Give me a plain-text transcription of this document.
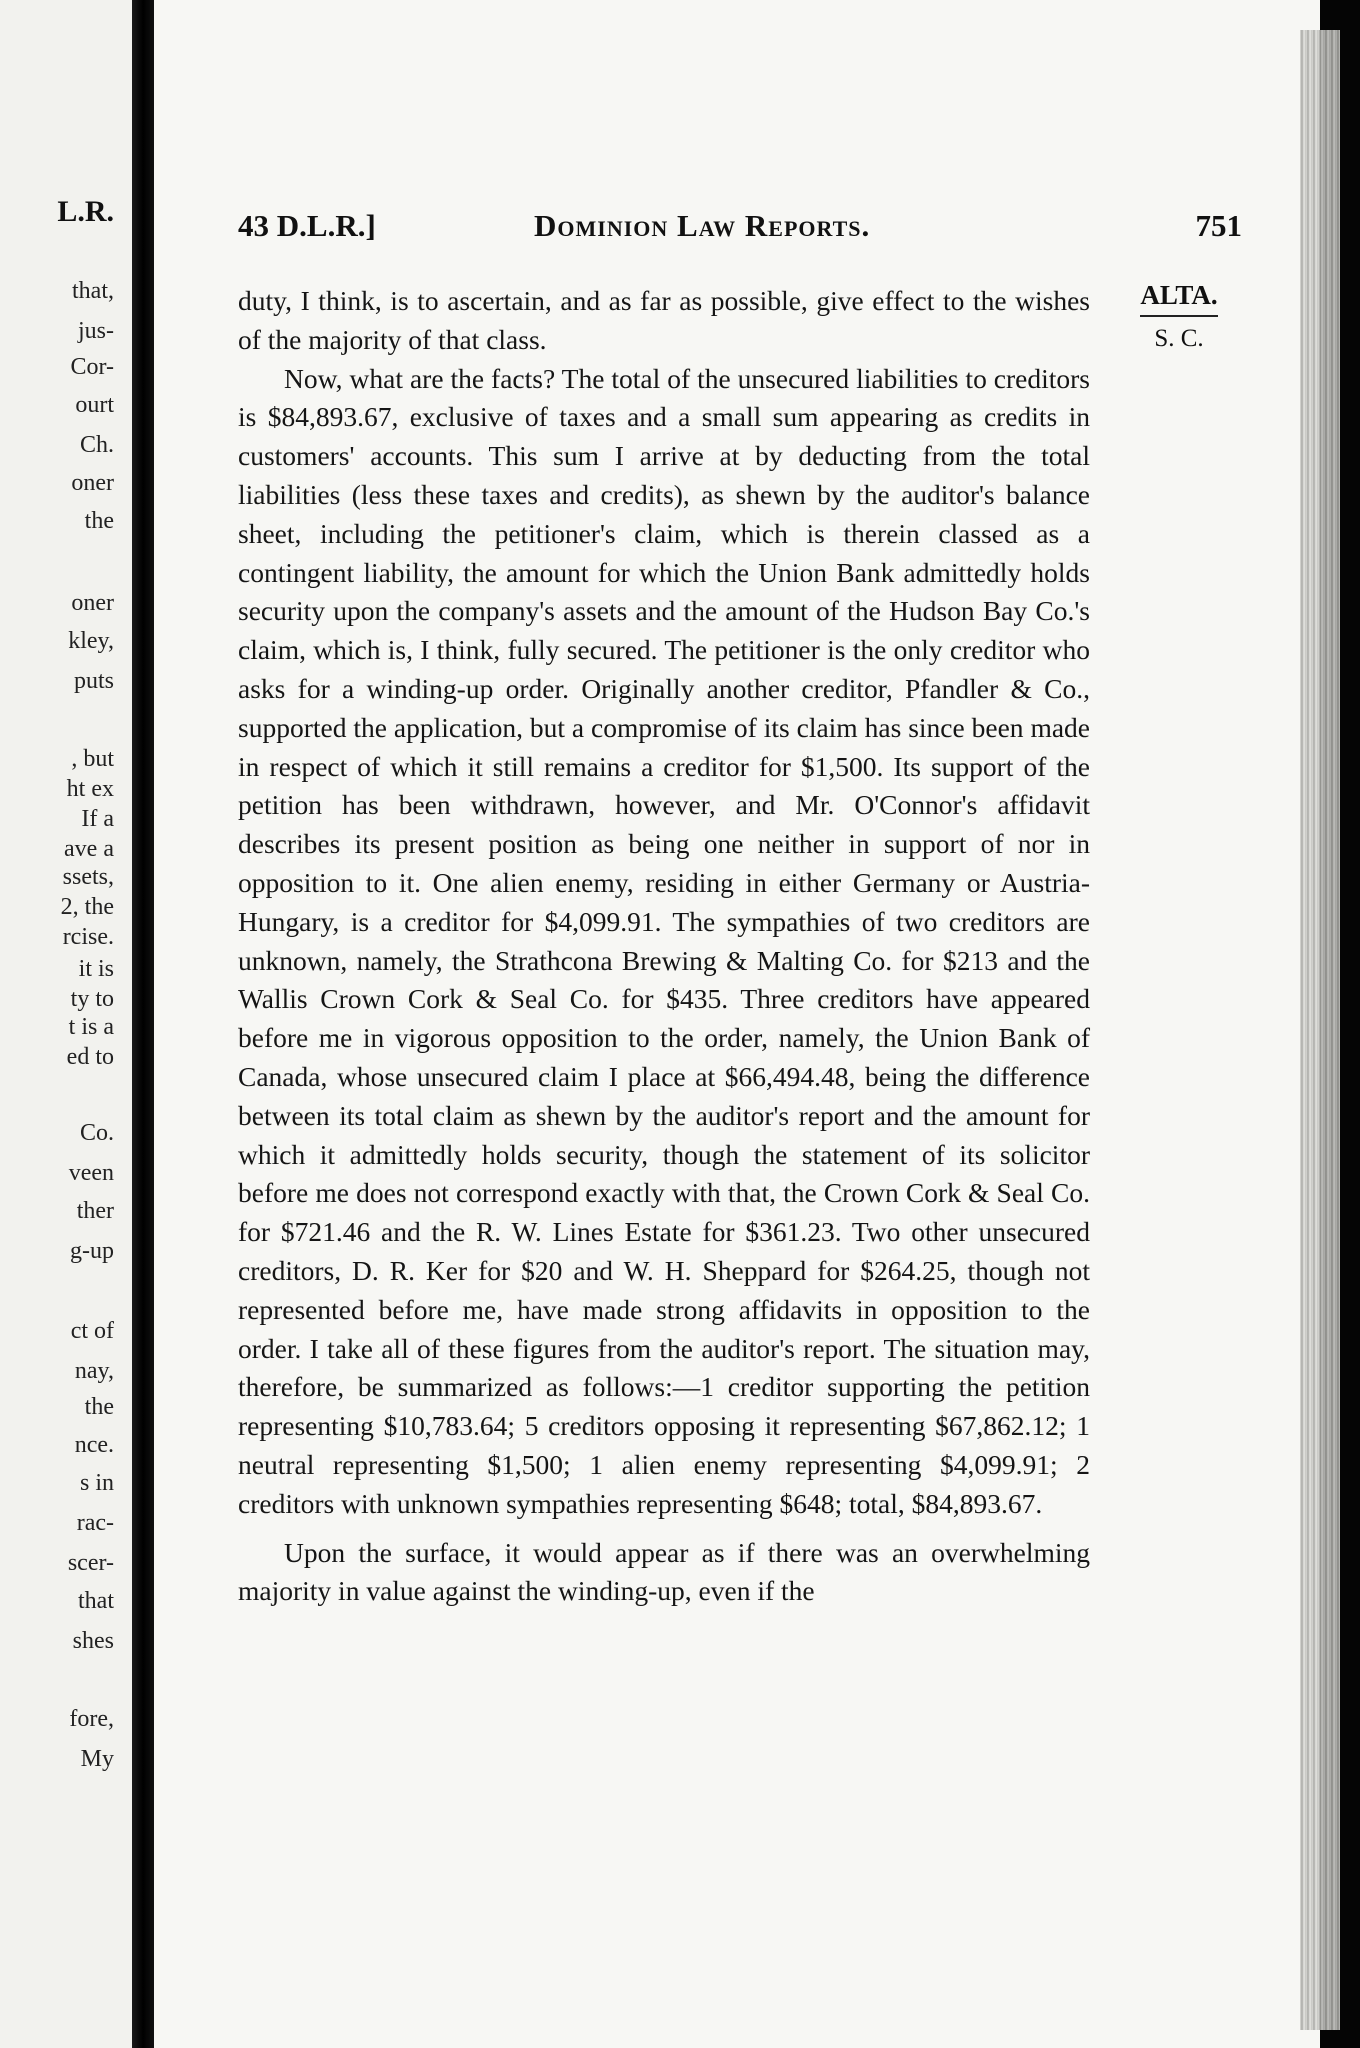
L.R.
that,
jus-
Cor-
ourt
Ch.
oner
the
oner
kley,
puts
, but
ht ex
If a
ave a
ssets,
2, the
rcise.
it is
ty to
t is a
ed to
Co.
veen
ther
g-up
ct of
nay,
the
nce.
s in
rac-
scer-
that
shes
fore,
My
43 D.L.R.]	Dominion Law Reports.	751
ALTA.

S. C.

duty, I think, is to ascertain, and as far as possible, give effect to the wishes of the majority of that class.

Now, what are the facts? The total of the unsecured liabilities to creditors is $84,893.67, exclusive of taxes and a small sum appearing as credits in customers' accounts. This sum I arrive at by deducting from the total liabilities (less these taxes and credits), as shewn by the auditor's balance sheet, including the petitioner's claim, which is therein classed as a contingent liability, the amount for which the Union Bank admittedly holds security upon the company's assets and the amount of the Hudson Bay Co.'s claim, which is, I think, fully secured. The petitioner is the only creditor who asks for a winding-up order. Originally another creditor, Pfandler & Co., supported the application, but a compromise of its claim has since been made in respect of which it still remains a creditor for $1,500. Its support of the petition has been withdrawn, however, and Mr. O'Connor's affidavit describes its present position as being one neither in support of nor in opposition to it. One alien enemy, residing in either Germany or Austria-Hungary, is a creditor for $4,099.91. The sympathies of two creditors are unknown, namely, the Strathcona Brewing & Malting Co. for $213 and the Wallis Crown Cork & Seal Co. for $435. Three creditors have appeared before me in vigorous opposition to the order, namely, the Union Bank of Canada, whose unsecured claim I place at $66,494.48, being the difference between its total claim as shewn by the auditor's report and the amount for which it admittedly holds security, though the statement of its solicitor before me does not correspond exactly with that, the Crown Cork & Seal Co. for $721.46 and the R. W. Lines Estate for $361.23. Two other unsecured creditors, D. R. Ker for $20 and W. H. Sheppard for $264.25, though not represented before me, have made strong affidavits in opposition to the order. I take all of these figures from the auditor's report. The situation may, therefore, be summarized as follows:—1 creditor supporting the petition representing $10,783.64; 5 creditors opposing it representing $67,862.12; 1 neutral representing $1,500; 1 alien enemy representing $4,099.91; 2 creditors with unknown sympathies representing $648; total, $84,893.67.

Upon the surface, it would appear as if there was an overwhelming majority in value against the winding-up, even if the
